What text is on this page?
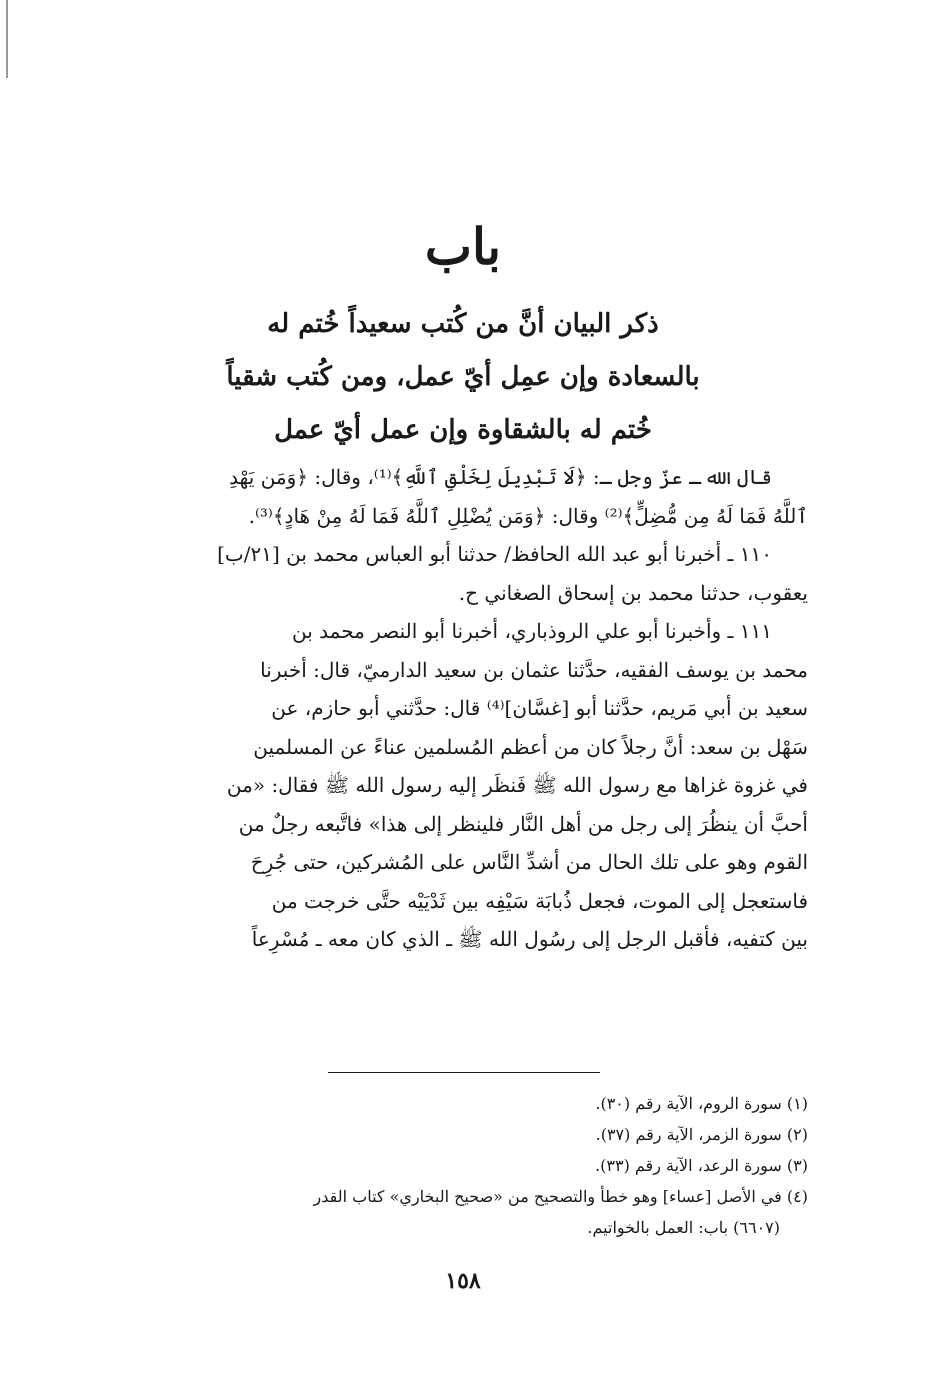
باب
ذكر البيان أنَّ من كُتب سعيداً خُتم له
بالسعادة وإن عمِل أيّ عمل، ومن كُتب شقياً
خُتم له بالشقاوة وإن عمل أيّ عمل
قال الله ـ عزّ وجل ـ: ﴿لَا تَبْدِيلَ لِخَلْقِ ٱللَّهِ﴾⁽¹⁾، وقال: ﴿وَمَن يَهْدِ
ٱللَّهُ فَمَا لَهُ مِن مُّضِلٍّ﴾⁽²⁾ وقال: ﴿وَمَن يُضْلِلِ ٱللَّهُ فَمَا لَهُ مِنْ هَادٍ﴾⁽³⁾.
١١٠ ـ أخبرنا أبو عبد الله الحافظ/ حدثنا أبو العباس محمد بن [٢١/ب]
يعقوب، حدثنا محمد بن إسحاق الصغاني ح.
١١١ ـ وأخبرنا أبو علي الروذباري، أخبرنا أبو النصر محمد بن
محمد بن يوسف الفقيه، حدَّثنا عثمان بن سعيد الدارميّ، قال: أخبرنا
سعيد بن أبي مَريم، حدَّثنا أبو [غسَّان]⁽⁴⁾ قال: حدَّثني أبو حازم، عن
سَهْل بن سعد: أنَّ رجلاً كان من أعظم المُسلمين عناءً عن المسلمين
في غزوة غزاها مع رسول الله ﷺ فَنظَر إليه رسول الله ﷺ فقال: «من
أحبَّ أن ينظُرَ إلى رجل من أهل النَّار فلينظر إلى هذا» فاتَّبعه رجلٌ من
القوم وهو على تلك الحال من أشدِّ النَّاس على المُشركين، حتى جُرِحَ
فاستعجل إلى الموت، فجعل ذُبابَة سَيْفِه بين ثَدْيَيْه حتَّى خرجت من
بين كتفيه، فأقبل الرجل إلى رسُول الله ﷺ ـ الذي كان معه ـ مُسْرِعاً
(١) سورة الروم، الآية رقم (٣٠).
(٢) سورة الزمر، الآية رقم (٣٧).
(٣) سورة الرعد، الآية رقم (٣٣).
(٤) في الأصل [عساء] وهو خطأ والتصحيح من «صحيح البخاري» كتاب القدر
(٦٦٠٧) باب: العمل بالخواتيم.
١٥٨
